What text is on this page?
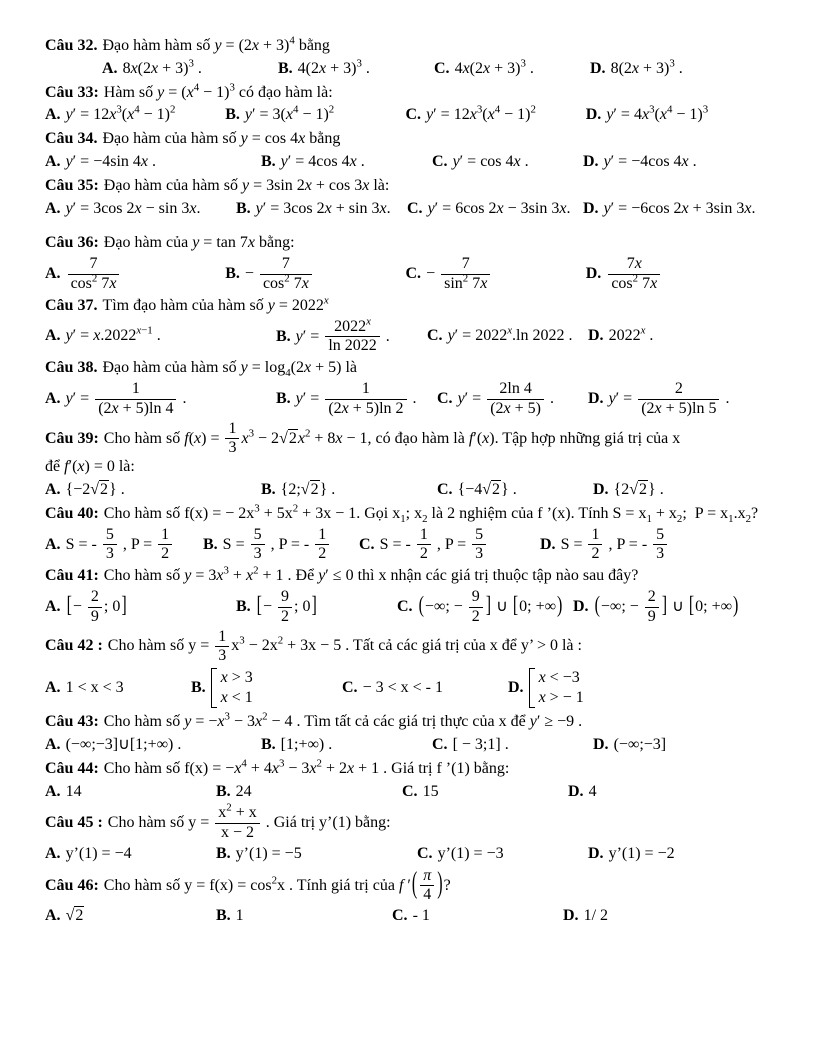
Câu 32. Đạo hàm hàm số $y = (2x + 3)^4$ bằng
A. $8x(2x + 3)^3$ .	B. $4(2x + 3)^3$ .	C. $4x(2x + 3)^3$ .	D. $8(2x + 3)^3$ .
Câu 33: Hàm số $y = (x^4 - 1)^3$ có đạo hàm là:
A. $y' = 12x^3(x^4 - 1)^2$	B. $y' = 3(x^4 - 1)^2$	C. $y' = 12x^3(x^4 - 1)^2$	D. $y' = 4x^3(x^4 - 1)^3$
Câu 34. Đạo hàm của hàm số y = cos 4x bằng
A. y′ = −4sin 4x .	B. y′ = 4cos 4x .	C. y′ = cos 4x .	D. y′ = −4cos 4x .
Câu 35: Đạo hàm của hàm số y = 3sin 2x + cos 3x là:
A. y′ = 3cos 2x − sin 3x.	B. y′ = 3cos 2x + sin 3x.	C. y′ = 6cos 2x − 3sin 3x. D. y′ = −6cos 2x + 3sin 3x.
Câu 36: Đạo hàm của y = tan 7x bằng:
A. $\frac{7}{\cos^2 7x}$	B. − $\frac{7}{\cos^2 7x}$	C. − $\frac{7}{\sin^2 7x}$	D. $\frac{7x}{\cos^2 7x}$
Câu 37. Tìm đạo hàm của hàm số $y = 2022^x$
A. $y' = x.2022^{x-1}$ .	B. $y' = \frac{2022^x}{\ln 2022}$ .	C. $y' = 2022^x.\ln$ 2022 . D. 2022$^x$ .
Câu 38. Đạo hàm của hàm số $y = \log_4(2x + 5)$ là
A. $y' = \frac{1}{(2x + 5)\ln 4}$ .	B. $y' = \frac{1}{(2x + 5)\ln 2}$ .	C. $y' = \frac{2\ln 4}{(2x + 5)}$ .	D. $y' = \frac{2}{(2x + 5)\ln 5}$ .
Câu 39: Cho hàm số $f(x) = \frac{1}{3} x^3 - 2√2x^2 + 8x - 1$, có đạo hàm là f′(x). Tập hợp những giá trị của x
để f′(x) = 0 là:
A. {−2√2} .	B. {2;√2} .	C. {−4√2} .	D. {2√2} .
Câu 40: Cho hàm số f(x) = − $2x^3 + 5x^2 + 3x - 1$. Gọi $x_1$; $x_2$ là 2 nghiệm của f ’(x). Tính $S = x_1 + x_2$;  $P = x_1.x_2$?
A. S = - $\frac{5}{3}$ , $P = \frac{1}{2} B$. $S = \frac{5}{3}$ , P = - $\frac{1}{2} C$. S = - $\frac{1}{2}$ , $P = \frac{5}{3}$	D. $S = \frac{1}{2}$ , P = - $\frac{5}{3}$
Câu 41: Cho hàm số $y = 3x^3 + x^2 + 1$ . Để y′ ≤ 0 thì x nhận các giá trị thuộc tập nào sau đây?
A. [− $\frac{2}{9}$ ; 0]	B. [− $\frac{9}{2}$ ; 0]	C. (−∞; − $\frac{9}{2}$ ] ∪ [0; +∞) D. (−∞; − $\frac{2}{9}$ ] ∪ [0; +∞)
Câu 42 : Cho hàm số $y = \frac{1}{3} x^3 - 2x^2 + 3x - 5$ . Tất cả các giá trị của x để y’ > 0 là :
A. 1 < x < 3	B.
x > 3
x < 1
C. − 3 < x < - 1	D.
x < −3
x > − 1
Câu 43: Cho hàm số $y = -x^3 - 3x^2 - 4$ . Tìm tất cả các giá trị thực của x để y′ ≥ −9 .
A. (−∞;−3]∪[1;+∞) .	B. [1;+∞) .	C. [ − 3;1] .	D. (−∞;−3]
Câu 44: Cho hàm số $f(x) = -x^4 + 4x^3 - 3x^2 + 2x + 1$ . Giá trị f ’(1) bằng:
A. 14	B. 24	C. 15	D. 4
Câu 45 : Cho hàm số $y = \frac{x^2 + x}{x - 2}$ . Giá trị y’(1) bằng:
A. y’(1) = −4	B. y’(1) = −5	C. y’(1) = −3	D. y’(1) = −2
Câu 46: Cho hàm số $y = f(x) = \cos^2x$ . Tính giá trị của f ′( $\frac{\pi}{4}$ )?
A. √2	B. 1	C. - 1	D. 1/ 2
